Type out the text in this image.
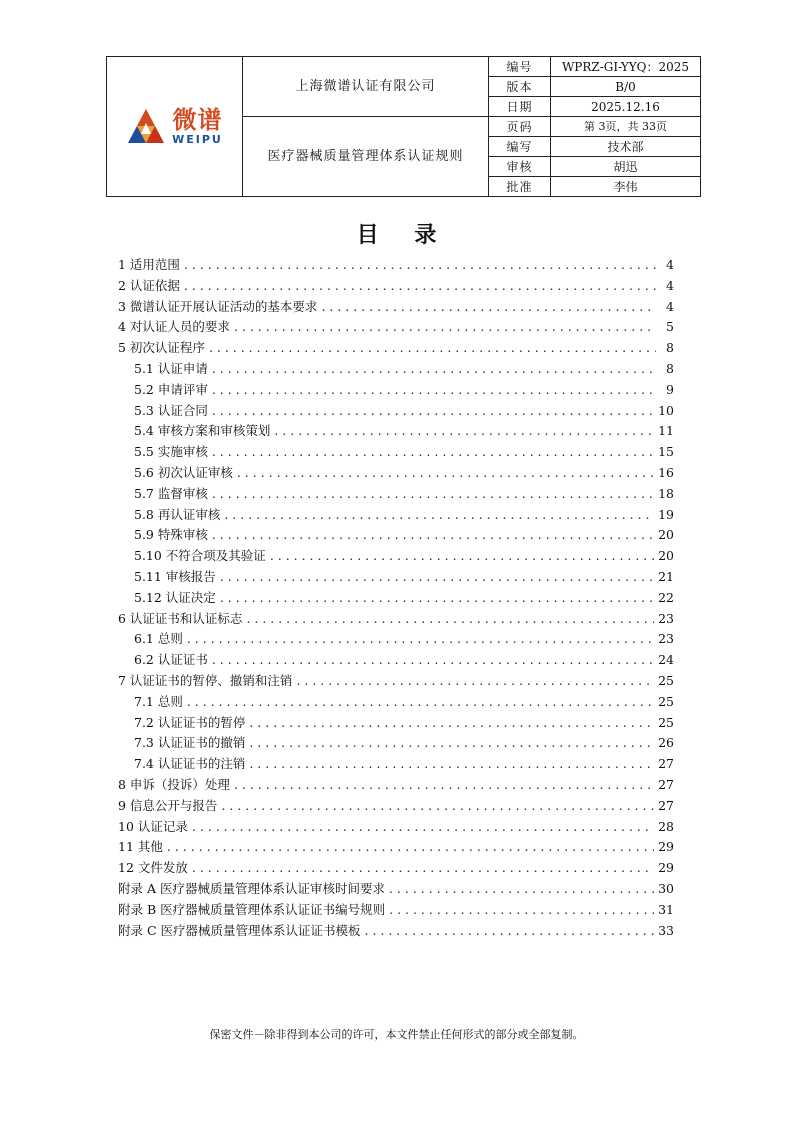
微谱
WEIPU	上海微谱认证有限公司	编号	WPRZ-GI-YYQ：2025
		版本	B/0
		日期	2025.12.16
	医疗器械质量管理体系认证规则	页码	第 3页，共 33页
		编写	技术部
		审核	胡迅
		批准	李伟
目 录
1 适用范围 . . .	4
2 认证依据 . . .	4
3 微谱认证开展认证活动的基本要求 . . .	4
4 对认证人员的要求 . . .	5
5 初次认证程序 . . .	8
5.1 认证申请 . . .	8
5.2 申请评审 . . .	9
5.3 认证合同 . . .	10
5.4 审核方案和审核策划 . . .	11
5.5 实施审核 . . .	15
5.6 初次认证审核 . . .	16
5.7 监督审核 . . .	18
5.8 再认证审核 . . .	19
5.9 特殊审核 . . .	20
5.10 不符合项及其验证 . . .	20
5.11 审核报告 . . .	21
5.12 认证决定 . . .	22
6 认证证书和认证标志 . . .	23
6.1 总则 . . .	23
6.2 认证证书 . . .	24
7 认证证书的暂停、撤销和注销 . . .	25
7.1 总则 . . .	25
7.2 认证证书的暂停 . . .	25
7.3 认证证书的撤销 . . .	26
7.4 认证证书的注销 . . .	27
8 申诉（投诉）处理 . . .	27
9 信息公开与报告 . . .	27
10 认证记录 . . .	28
11 其他 . . .	29
12 文件发放 . . .	29
附录 A 医疗器械质量管理体系认证审核时间要求 . . .	30
附录 B 医疗器械质量管理体系认证证书编号规则 . . .	31
附录 C 医疗器械质量管理体系认证证书模板 . . .	33
保密文件－除非得到本公司的许可，本文件禁止任何形式的部分或全部复制。
